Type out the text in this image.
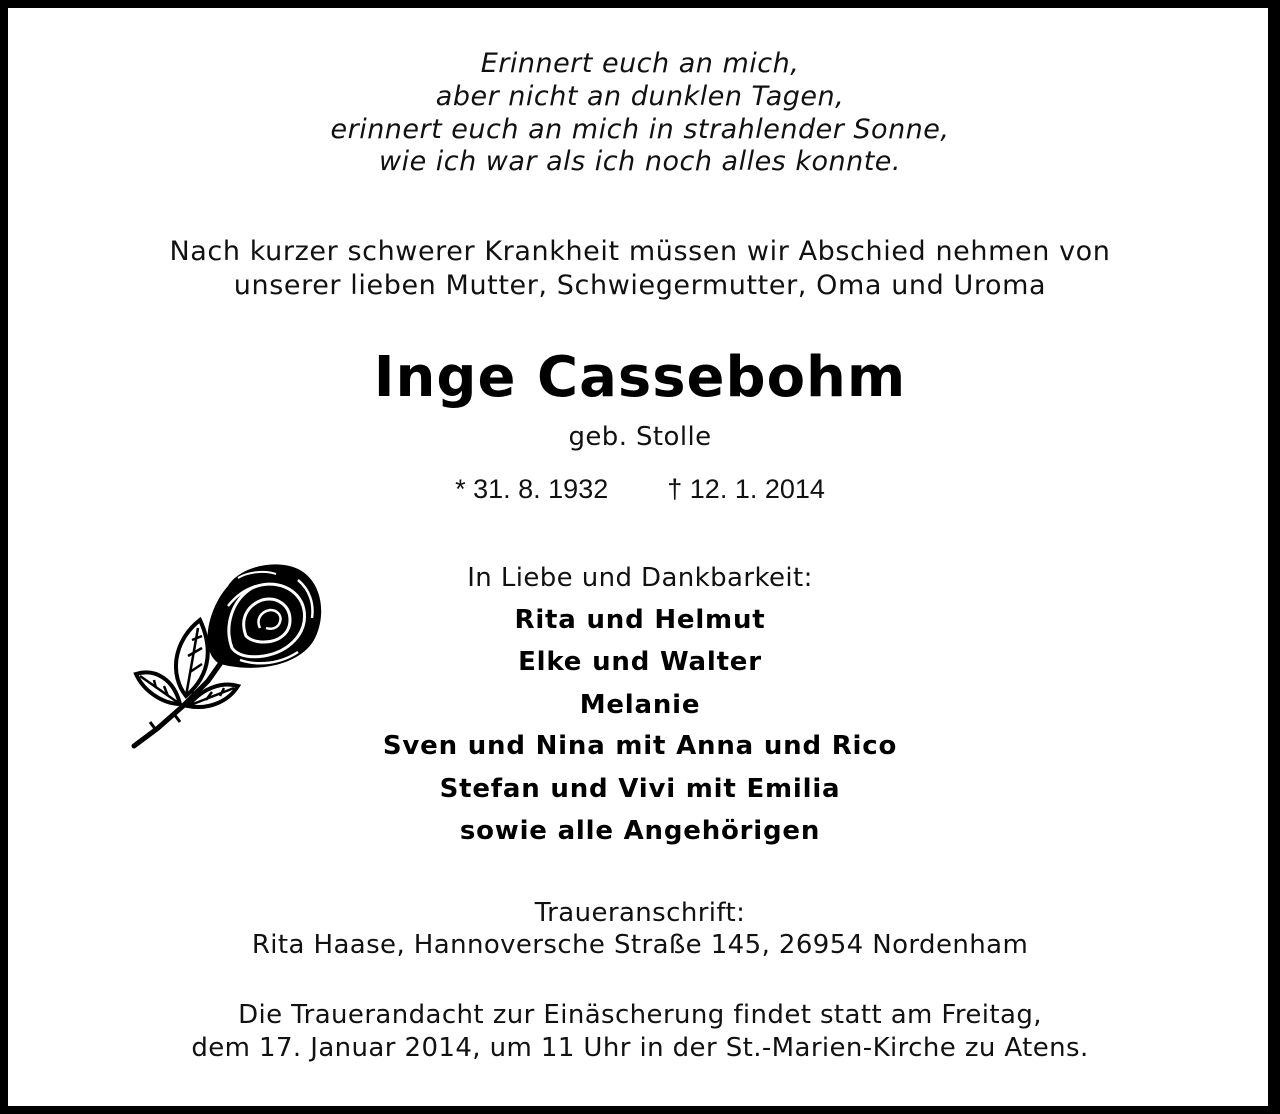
Erinnert euch an mich,
aber nicht an dunklen Tagen,
erinnert euch an mich in strahlender Sonne,
wie ich war als ich noch alles konnte.
Nach kurzer schwerer Krankheit müssen wir Abschied nehmen von
unserer lieben Mutter, Schwiegermutter, Oma und Uroma
Inge Cassebohm
geb. Stolle
* 31. 8. 1932 † 12. 1. 2014
In Liebe und Dankbarkeit:
Rita und Helmut
Elke und Walter
Melanie
Sven und Nina mit Anna und Rico
Stefan und Vivi mit Emilia
sowie alle Angehörigen
Traueranschrift:
Rita Haase, Hannoversche Straße 145, 26954 Nordenham
Die Trauerandacht zur Einäscherung findet statt am Freitag,
dem 17. Januar 2014, um 11 Uhr in der St.-Marien-Kirche zu Atens.
